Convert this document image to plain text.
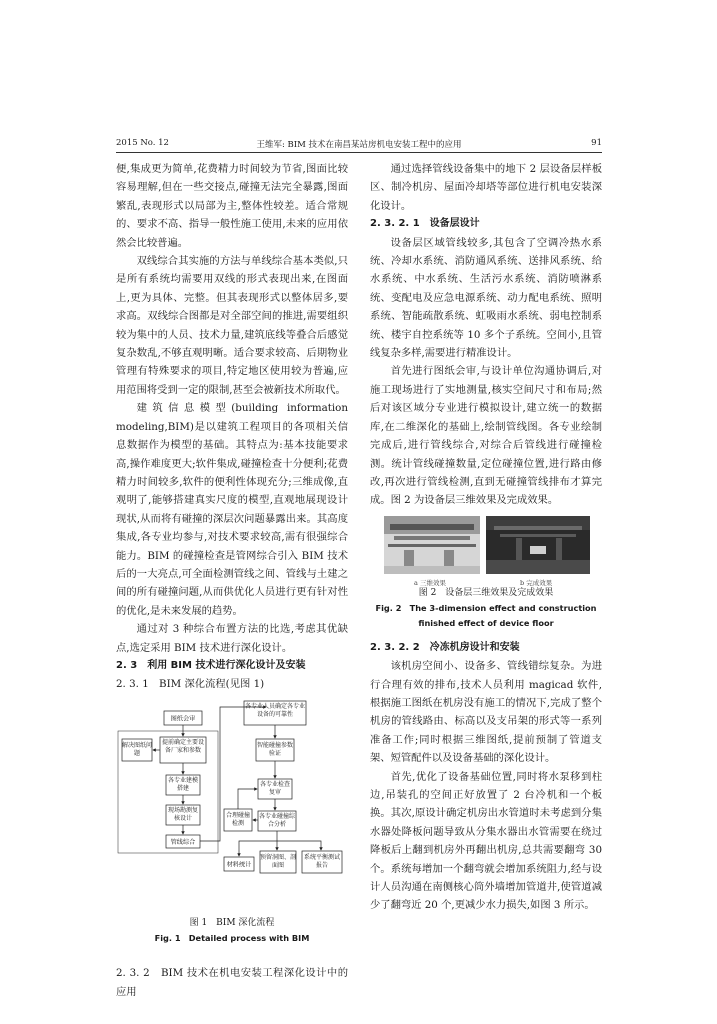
2015 No. 12	王维军: BIM 技术在南昌某站房机电安装工程中的应用	91

便,集成更为简单,花费精力时间较为节省,图面比较容易理解,但在一些交接点,碰撞无法完全暴露,图面繁乱,表现形式以局部为主,整体性较差。适合常规的、要求不高、指导一般性施工使用,未来的应用依然会比较普遍。

双线综合其实施的方法与单线综合基本类似,只是所有系统均需要用双线的形式表现出来,在图面上,更为具体、完整。但其表现形式以整体居多,要求高。双线综合图都是对全部空间的推进,需要组织较为集中的人员、技术力量,建筑底线等叠合后感觉复杂数乱,不够直观明晰。适合要求较高、后期物业管理有特殊要求的项目,特定地区使用较为普遍,应用范围将受到一定的限制,甚至会被新技术所取代。

建筑信息模型(building information modeling,BIM)是以建筑工程项目的各项相关信息数据作为模型的基础。其特点为:基本技能要求高,操作难度更大;软件集成,碰撞检查十分便利;花费精力时间较多,软件的便利性体现充分;三维成像,直观明了,能够搭建真实尺度的模型,直观地展现设计现状,从而将有碰撞的深层次问题暴露出来。其高度集成,各专业均参与,对技术要求较高,需有很强综合能力。BIM 的碰撞检查是管网综合引入 BIM 技术后的一大亮点,可全面检测管线之间、管线与土建之间的所有碰撞问题,从而供优化人员进行更有针对性的优化,是未来发展的趋势。

通过对 3 种综合布置方法的比选,考虑其优缺点,选定采用 BIM 技术进行深化设计。

2. 3　利用 BIM 技术进行深化设计及安装

2. 3. 1　BIM 深化流程(见图 1)

图纸会审
解决图纸问题
提前确定主要设备厂家和参数
各专业建模搭建
现场勘测复核设计
管线综合
各专业人员确定各专业设备的可靠性
智能碰撞参数验证
各专业检查复审
合理碰撞检测
各专业碰撞综合分析
材料统计
预留洞图、剖面图
系统平衡测试报告

图 1　BIM 深化流程

Fig. 1　Detailed process with BIM

2. 3. 2　BIM 技术在机电安装工程深化设计中的应用

通过选择管线设备集中的地下 2 层设备层样板区、制冷机房、屋面冷却塔等部位进行机电安装深化设计。

2. 3. 2. 1　设备层设计

设备层区域管线较多,其包含了空调冷热水系统、冷却水系统、消防通风系统、送排风系统、给水系统、中水系统、生活污水系统、消防喷淋系统、变配电及应急电源系统、动力配电系统、照明系统、智能疏散系统、虹吸雨水系统、弱电控制系统、楼宇自控系统等 10 多个子系统。空间小,且管线复杂多样,需要进行精准设计。

首先进行图纸会审,与设计单位沟通协调后,对施工现场进行了实地测量,核实空间尺寸和布局;然后对该区域分专业进行模拟设计,建立统一的数据库,在二维深化的基础上,绘制管线图。各专业绘制完成后,进行管线综合,对综合后管线进行碰撞检测。统计管线碰撞数量,定位碰撞位置,进行路由修改,再次进行管线检测,直到无碰撞管线排布才算完成。图 2 为设备层三维效果及完成效果。

a 三维效果	b 完成效果

图 2　设备层三维效果及完成效果

Fig. 2　The 3-dimension effect and construction

finished effect of device floor

2. 3. 2. 2　冷冻机房设计和安装

该机房空间小、设备多、管线错综复杂。为进行合理有效的排布,技术人员利用 magicad 软件,根据施工图纸在机房没有施工的情况下,完成了整个机房的管线路由、标高以及支吊架的形式等一系列准备工作;同时根据三维图纸,提前预制了管道支架、短管配件以及设备基础的深化设计。

首先,优化了设备基础位置,同时将水泵移到柱边,吊装孔的空间正好放置了 2 台冷机和一个板换。其次,原设计确定机房出水管道时未考虑到分集水器处降板问题导致从分集水器出水管需要在绕过降板后上翻到机房外再翻出机房,总共需要翻弯 30 个。系统每增加一个翻弯就会增加系统阻力,经与设计人员沟通在南侧核心筒外墙增加管道井,使管道减少了翻弯近 20 个,更减少水力损失,如图 3 所示。
